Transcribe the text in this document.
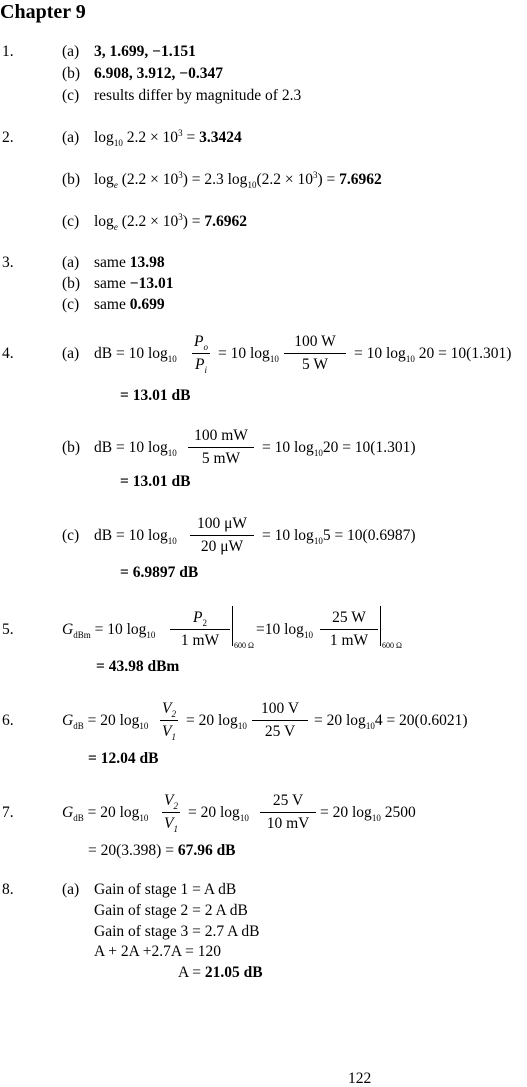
Chapter 9
1.	(a) 3, 1.699, −1.151
(b) 6.908, 3.912, −0.347
(c) results differ by magnitude of 2.3
2.	(a) $\log_{10} 2.2 \times 10^3 = 3.3424$
(b) $\log_e (2.2 \times 10^3) = 2.3$ $\log_{10}(2.2 \times 10^3) = 7.6962$
(c) $\log_e (2.2 \times 10^3) = 7.6962$
3.	(a) same 13.98
(b) same −13.01
(c) same 0.699
4.	(a) dB = 10 $\log_{10} \frac{P_o}{P_i} = 10$ $\log_{10} \frac{100 W}{5 W} = 10$ $\log_{10} 20 = 10(1.301)$
= 13.01 dB
(b) dB = 10 $\log_{10} \frac{100 mW}{5 mW} = 10$ $\log_{10}20 = 10(1.301)$
= 13.01 dB
(c) dB = 10 $\log_{10} \frac{100 \mu W}{20 \mu W} = 10$ $\log_{10}5 = 10(0.6987)$
= 6.9897 dB
5.	$G_{dBm} = 10$ $\log_{10} \frac{P_2}{1 mW} 600$ Ω
=10 $\log_{10} \frac{25 W}{1 mW} 600$ Ω
= 43.98 dBm
6.	$G_{dB} = 20$ $\log_{10} \frac{V_2}{V_1} = 20$ $\log_{10} \frac{100 V}{25 V} = 20$ $\log_{10}4 = 20(0.6021)$
= 12.04 dB
7.	$G_{dB} = 20$ $\log_{10} \frac{V_2}{V_1} = 20$ $\log_{10} \frac{25 V}{10 mV} = 20$ $\log_{10} 2500$
= 20(3.398) = 67.96 dB
8.	(a) Gain of stage 1 = A dB
Gain of stage 2 = 2 A dB
Gain of stage 3 = 2.7 A dB
A + 2A +2.7A = 120
A = 21.05 dB
122
